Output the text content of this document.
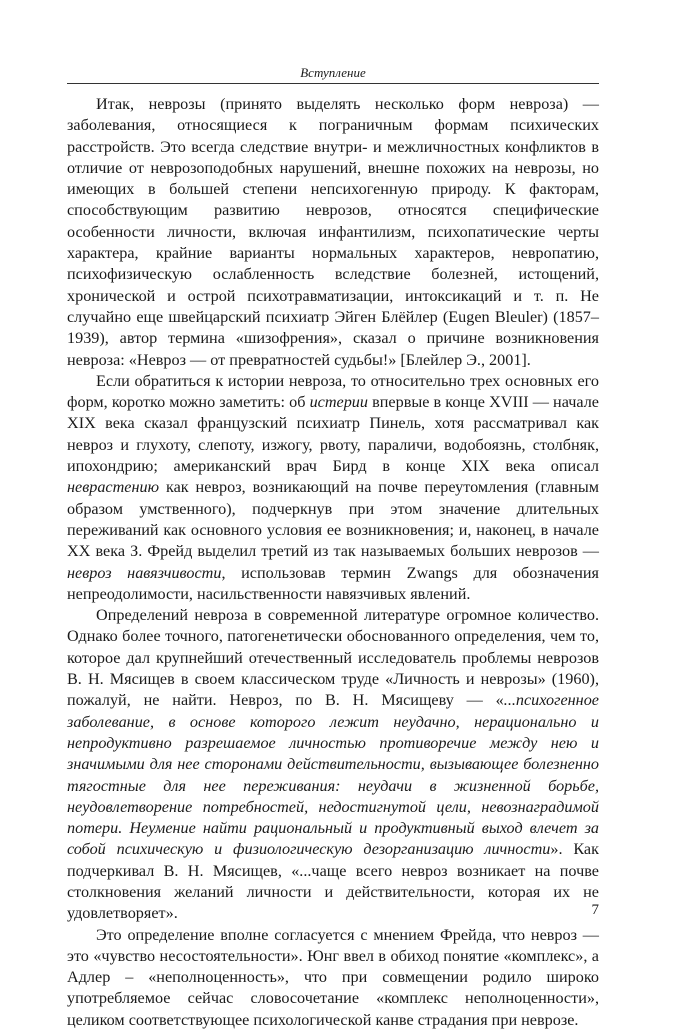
Вступление

Итак, неврозы (принято выделять несколько форм невроза) — заболевания, относящиеся к пограничным формам психических расстройств. Это всегда следствие внутри- и межличностных конфликтов в отличие от неврозоподобных нарушений, внешне похожих на неврозы, но имеющих в большей степени непсихогенную природу. К факторам, способствующим развитию неврозов, относятся специфические особенности личности, включая инфантилизм, психопатические черты характера, крайние варианты нормальных характеров, невропатию, психофизическую ослабленность вследствие болезней, истощений, хронической и острой психотравматизации, интоксикаций и т. п. Не случайно еще швейцарский психиатр Эйген Блёйлер (Eugen Bleuler) (1857–1939), автор термина «шизофрения», сказал о причине возникновения невроза: «Невроз — от превратностей судьбы!» [Блейлер Э., 2001].

Если обратиться к истории невроза, то относительно трех основных его форм, коротко можно заметить: об истерии впервые в конце XVIII — начале XIX века сказал французский психиатр Пинель, хотя рассматривал как невроз и глухоту, слепоту, изжогу, рвоту, параличи, водобоязнь, столбняк, ипохондрию; американский врач Бирд в конце XIX века описал неврастению как невроз, возникающий на почве переутомления (главным образом умственного), подчеркнув при этом значение длительных переживаний как основного условия ее возникновения; и, наконец, в начале XX века З. Фрейд выделил третий из так называемых больших неврозов — невроз навязчивости, использовав термин Zwangs для обозначения непреодолимости, насильственности навязчивых явлений.

Определений невроза в современной литературе огромное количество. Однако более точного, патогенетически обоснованного определения, чем то, которое дал крупнейший отечественный исследователь проблемы неврозов В. Н. Мясищев в своем классическом труде «Личность и неврозы» (1960), пожалуй, не найти. Невроз, по В. Н. Мясищеву — «...психогенное заболевание, в основе которого лежит неудачно, нерационально и непродуктивно разрешаемое личностью противоречие между нею и значимыми для нее сторонами действительности, вызывающее болезненно тягостные для нее переживания: неудачи в жизненной борьбе, неудовлетворение потребностей, недостигнутой цели, невознаградимой потери. Неумение найти рациональный и продуктивный выход влечет за собой психическую и физиологическую дезорганизацию личности». Как подчеркивал В. Н. Мясищев, «...чаще всего невроз возникает на почве столкновения желаний личности и действительности, которая их не удовлетворяет».

Это определение вполне согласуется с мнением Фрейда, что невроз — это «чувство несостоятельности». Юнг ввел в обиход понятие «комплекс», а Адлер – «неполноценность», что при совмещении родило широко употребляемое сейчас словосочетание «комплекс неполноценности», целиком соответствующее психологической канве страдания при неврозе.

7
